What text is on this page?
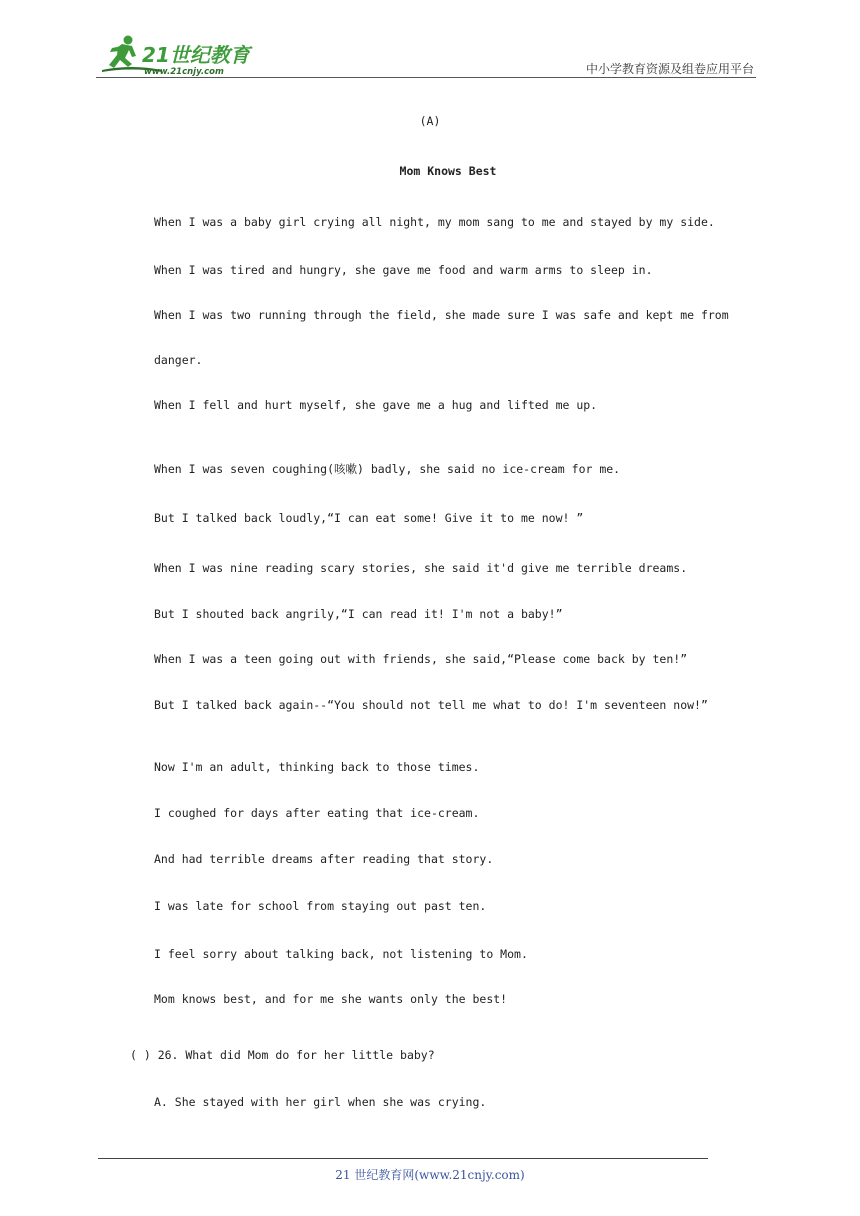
21世纪教育
www.21cnjy.com	中小学教育资源及组卷应用平台
(A)
Mom Knows Best
When I was a baby girl crying all night, my mom sang to me and stayed by my side.
When I was tired and hungry, she gave me food and warm arms to sleep in.
When I was two running through the field, she made sure I was safe and kept me from
danger.
When I fell and hurt myself, she gave me a hug and lifted me up.
When I was seven coughing(咳嗽) badly, she said no ice-cream for me.
But I talked back loudly,“I can eat some! Give it to me now! ”
When I was nine reading scary stories, she said it'd give me terrible dreams.
But I shouted back angrily,“I can read it! I'm not a baby!”
When I was a teen going out with friends, she said,“Please come back by ten!”
But I talked back again--“You should not tell me what to do! I'm seventeen now!”
Now I'm an adult, thinking back to those times.
I coughed for days after eating that ice-cream.
And had terrible dreams after reading that story.
I was late for school from staying out past ten.
I feel sorry about talking back, not listening to Mom.
Mom knows best, and for me she wants only the best!
( ) 26. What did Mom do for her little baby?
A. She stayed with her girl when she was crying.
21 世纪教育网(www.21cnjy.com)
